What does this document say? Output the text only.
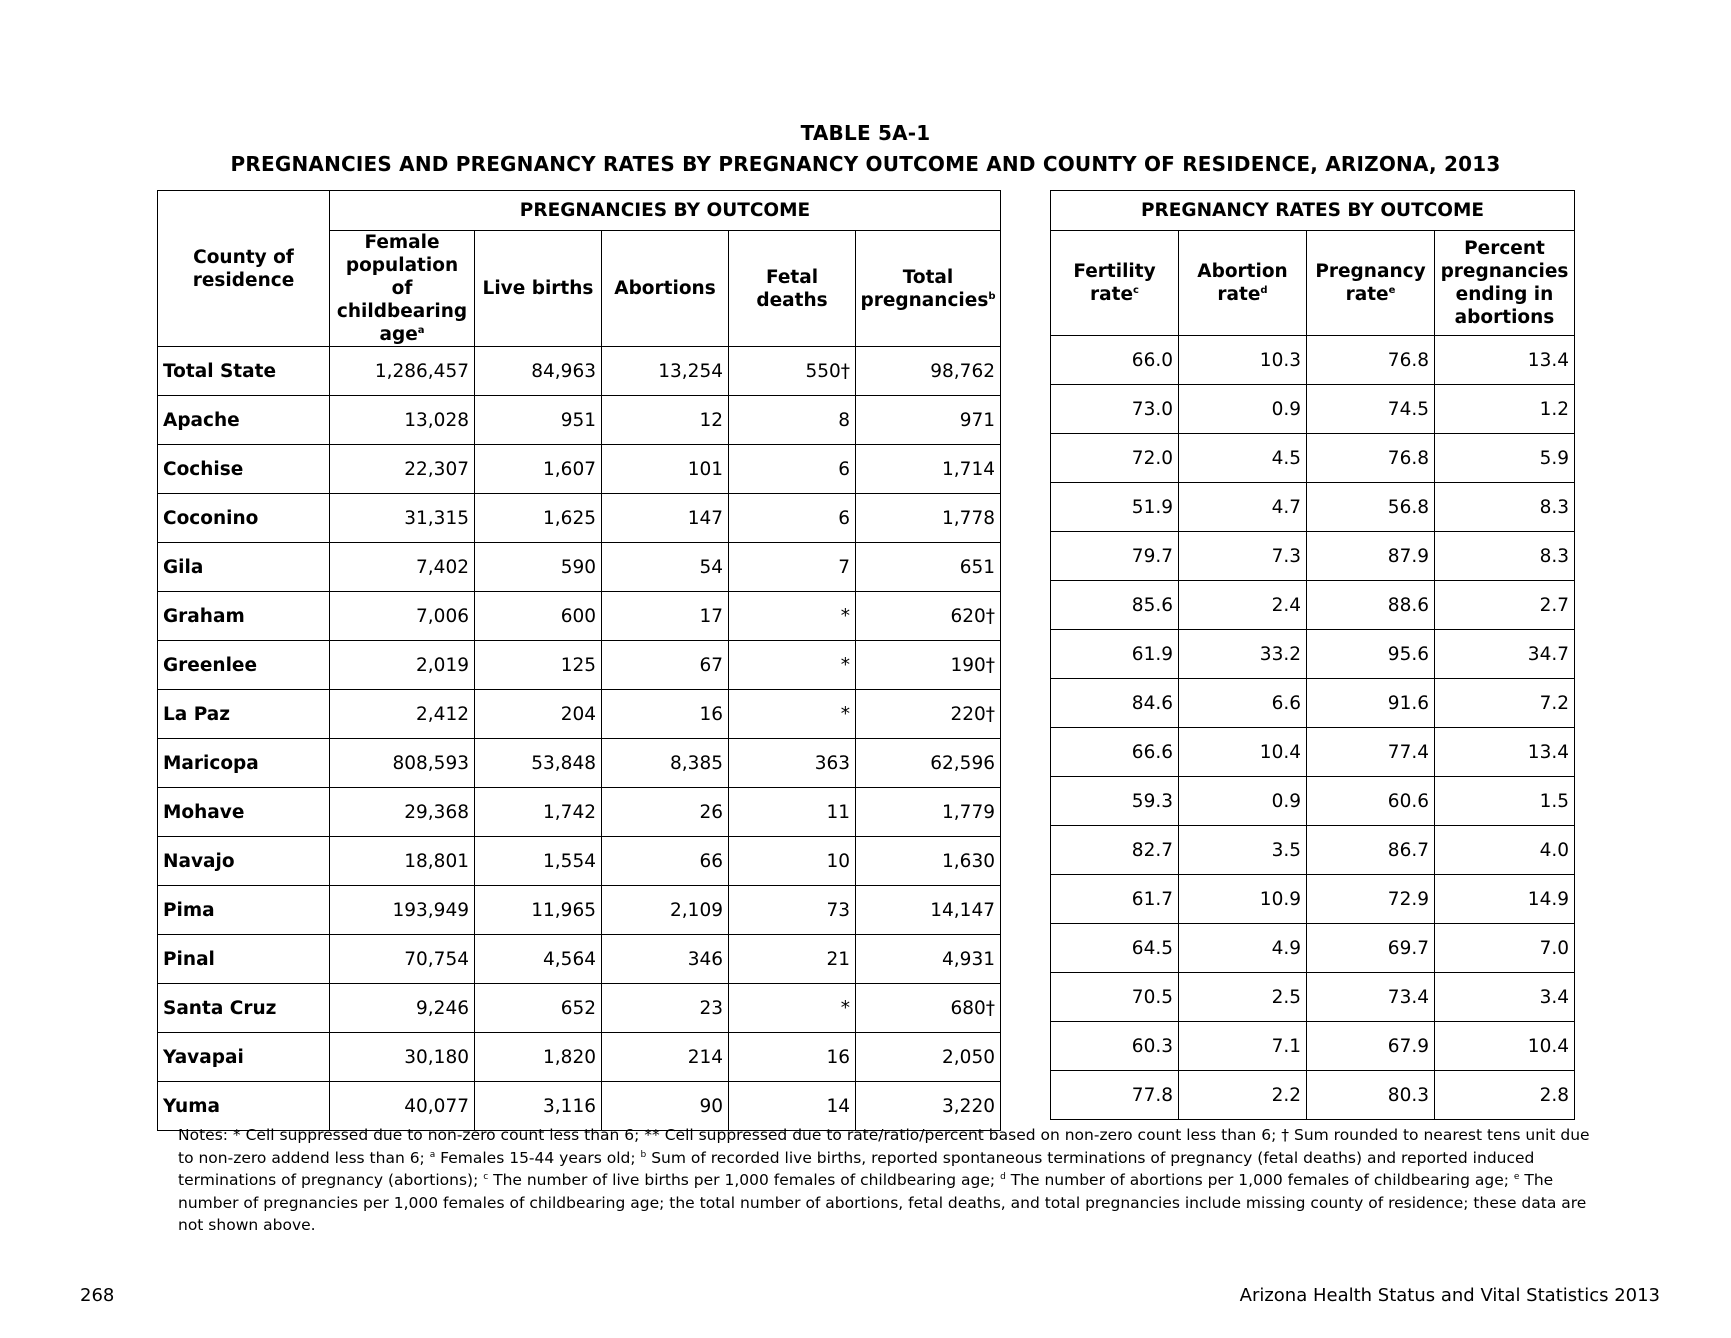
TABLE 5A-1
PREGNANCIES AND PREGNANCY RATES BY PREGNANCY OUTCOME AND COUNTY OF RESIDENCE, ARIZONA, 2013
County of residence	PREGNANCIES BY OUTCOME				
	Female population of childbearing age$^a$	Live births	Abortions	Fetal deaths	Total pregnancies$^b$
Total State	1,286,457	84,963	13,254	550†	98,762
Apache	13,028	951	12	8	971
Cochise	22,307	1,607	101	6	1,714
Coconino	31,315	1,625	147	6	1,778
Gila	7,402	590	54	7	651
Graham	7,006	600	17	*	620†
Greenlee	2,019	125	67	*	190†
La Paz	2,412	204	16	*	220†
Maricopa	808,593	53,848	8,385	363	62,596
Mohave	29,368	1,742	26	11	1,779
Navajo	18,801	1,554	66	10	1,630
Pima	193,949	11,965	2,109	73	14,147
Pinal	70,754	4,564	346	21	4,931
Santa Cruz	9,246	652	23	*	680†
Yavapai	30,180	1,820	214	16	2,050
Yuma	40,077	3,116	90	14	3,220
PREGNANCY RATES BY OUTCOME			
Fertility rate$^c$	Abortion rate$^d$	Pregnancy rate$^e$	Percent pregnancies ending in abortions
66.0	10.3	76.8	13.4
73.0	0.9	74.5	1.2
72.0	4.5	76.8	5.9
51.9	4.7	56.8	8.3
79.7	7.3	87.9	8.3
85.6	2.4	88.6	2.7
61.9	33.2	95.6	34.7
84.6	6.6	91.6	7.2
66.6	10.4	77.4	13.4
59.3	0.9	60.6	1.5
82.7	3.5	86.7	4.0
61.7	10.9	72.9	14.9
64.5	4.9	69.7	7.0
70.5	2.5	73.4	3.4
60.3	7.1	67.9	10.4
77.8	2.2	80.3	2.8
Notes: * Cell suppressed due to non-zero count less than 6; ** Cell suppressed due to rate/ratio/percent based on non-zero count less than 6; † Sum rounded to nearest tens unit due to non-zero addend less than 6; $^a$ Females 15-44 years old; $^b$ Sum of recorded live births, reported spontaneous terminations of pregnancy (fetal deaths) and reported induced terminations of pregnancy (abortions); $^c$ The number of live births per 1,000 females of childbearing age; $^d$ The number of abortions per 1,000 females of childbearing age; $^e$ The number of pregnancies per 1,000 females of childbearing age; the total number of abortions, fetal deaths, and total pregnancies include missing county of residence; these data are not shown above.
268	Arizona Health Status and Vital Statistics 2013
